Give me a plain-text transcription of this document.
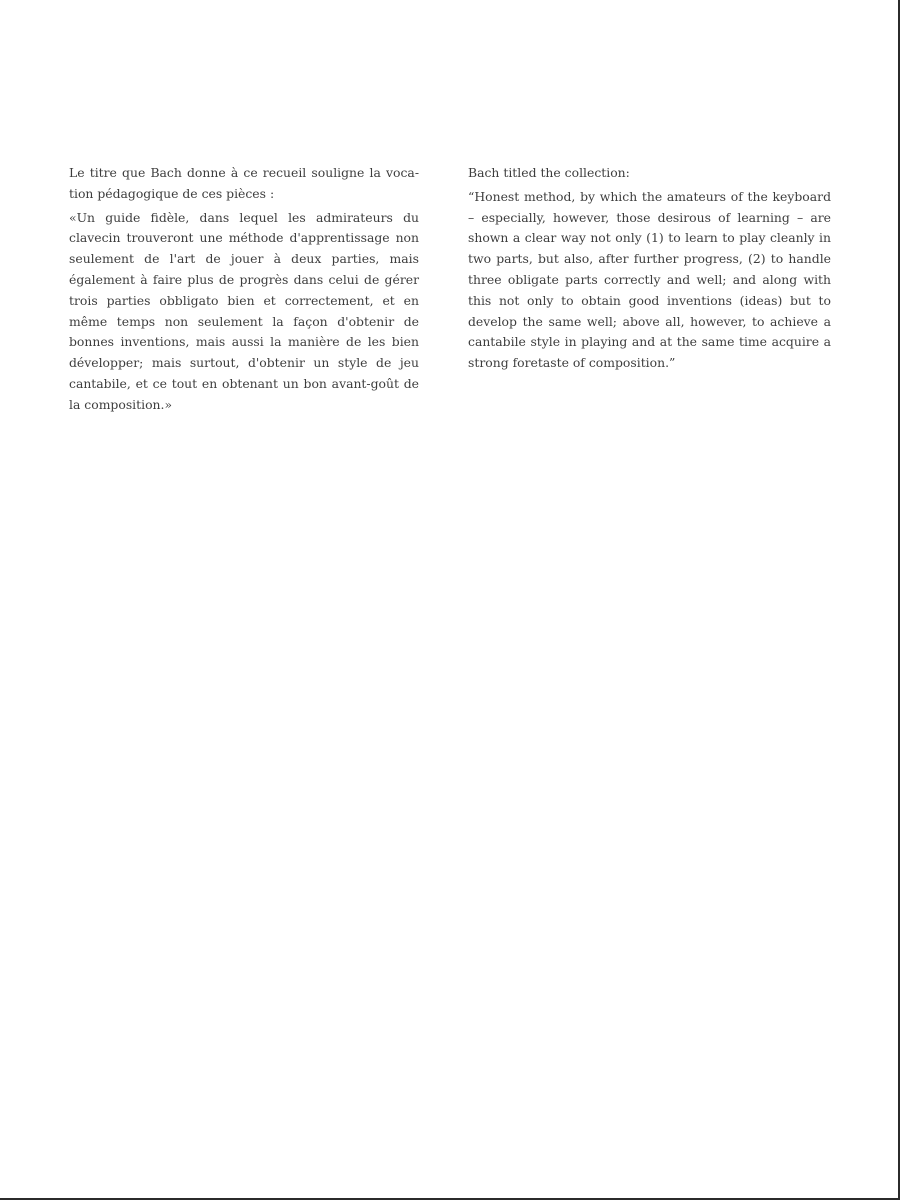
Le titre que Bach donne à ce recueil souligne la vocation pédagogique de ces pièces :

«Un guide fidèle, dans lequel les admirateurs du clavecin trouveront une méthode d'apprentissage non seulement de l'art de jouer à deux parties, mais également à faire plus de progrès dans celui de gérer trois parties obbligato bien et correctement, et en même temps non seulement la façon d'obtenir de bonnes inventions, mais aussi la manière de les bien développer; mais surtout, d'obtenir un style de jeu cantabile, et ce tout en obtenant un bon avant-goût de la composition.»

Bach titled the collection:

“Honest method, by which the amateurs of the keyboard – especially, however, those desirous of learning – are shown a clear way not only (1) to learn to play cleanly in two parts, but also, after further progress, (2) to handle three obligate parts correctly and well; and along with this not only to obtain good inventions (ideas) but to develop the same well; above all, however, to achieve a cantabile style in playing and at the same time acquire a strong foretaste of composition.”
